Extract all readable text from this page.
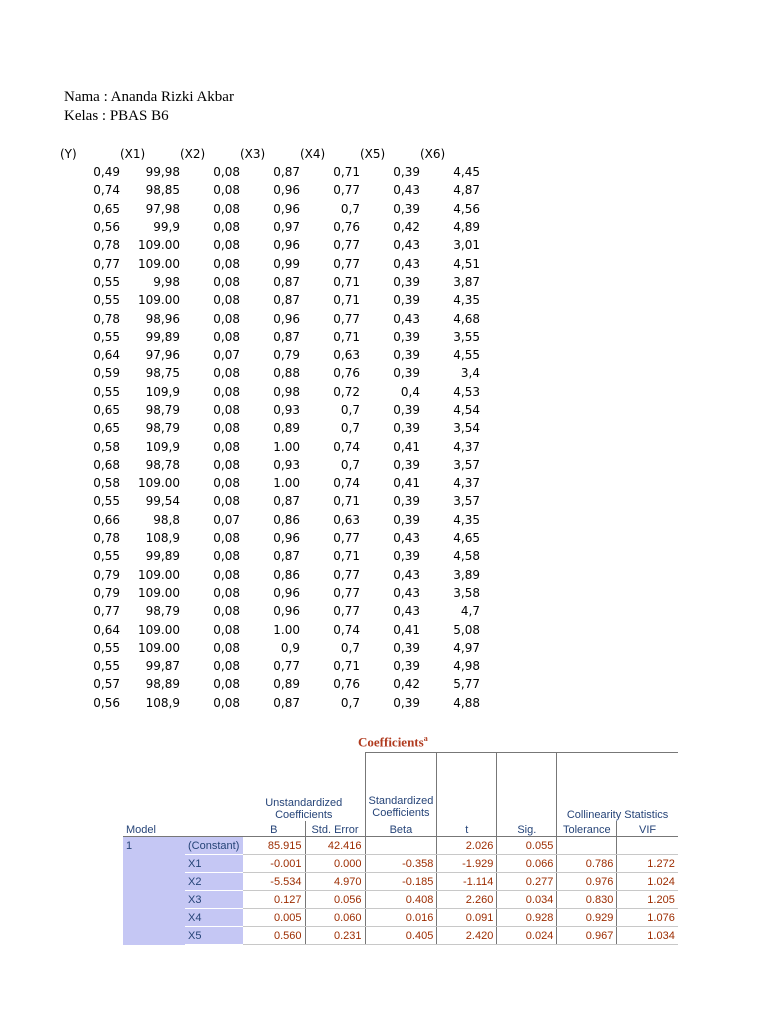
Nama : Ananda Rizki Akbar
Kelas : PBAS B6
(Y)	(X1)	(X2)	(X3)	(X4)	(X5)	(X6)
0,49	99,98	0,08	0,87	0,71	0,39	4,45
0,74	98,85	0,08	0,96	0,77	0,43	4,87
0,65	97,98	0,08	0,96	0,7	0,39	4,56
0,56	99,9	0,08	0,97	0,76	0,42	4,89
0,78	109.00	0,08	0,96	0,77	0,43	3,01
0,77	109.00	0,08	0,99	0,77	0,43	4,51
0,55	9,98	0,08	0,87	0,71	0,39	3,87
0,55	109.00	0,08	0,87	0,71	0,39	4,35
0,78	98,96	0,08	0,96	0,77	0,43	4,68
0,55	99,89	0,08	0,87	0,71	0,39	3,55
0,64	97,96	0,07	0,79	0,63	0,39	4,55
0,59	98,75	0,08	0,88	0,76	0,39	3,4
0,55	109,9	0,08	0,98	0,72	0,4	4,53
0,65	98,79	0,08	0,93	0,7	0,39	4,54
0,65	98,79	0,08	0,89	0,7	0,39	3,54
0,58	109,9	0,08	1.00	0,74	0,41	4,37
0,68	98,78	0,08	0,93	0,7	0,39	3,57
0,58	109.00	0,08	1.00	0,74	0,41	4,37
0,55	99,54	0,08	0,87	0,71	0,39	3,57
0,66	98,8	0,07	0,86	0,63	0,39	4,35
0,78	108,9	0,08	0,96	0,77	0,43	4,65
0,55	99,89	0,08	0,87	0,71	0,39	4,58
0,79	109.00	0,08	0,86	0,77	0,43	3,89
0,79	109.00	0,08	0,96	0,77	0,43	3,58
0,77	98,79	0,08	0,96	0,77	0,43	4,7
0,64	109.00	0,08	1.00	0,74	0,41	5,08
0,55	109.00	0,08	0,9	0,7	0,39	4,97
0,55	99,87	0,08	0,77	0,71	0,39	4,98
0,57	98,89	0,08	0,89	0,76	0,42	5,77
0,56	108,9	0,08	0,87	0,7	0,39	4,88
Coefficients$^a$
		Unstandardized Coefficients		Standardized Coefficients			Collinearity Statistics	

Model		B	Std. Error	Beta	t	Sig.	Tolerance	VIF
1	(Constant)	85.915	42.416		2.026	0.055		
	X1	-0.001	0.000	-0.358	-1.929	0.066	0.786	1.272
	X2	-5.534	4.970	-0.185	-1.114	0.277	0.976	1.024
	X3	0.127	0.056	0.408	2.260	0.034	0.830	1.205
	X4	0.005	0.060	0.016	0.091	0.928	0.929	1.076
	X5	0.560	0.231	0.405	2.420	0.024	0.967	1.034
